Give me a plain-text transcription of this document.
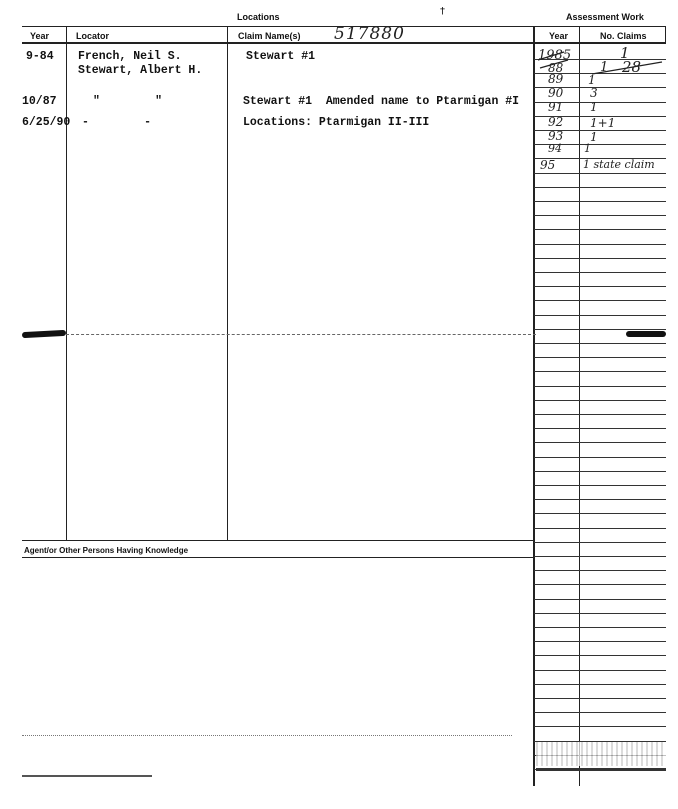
Locations	Assessment Work
†
Year	Locator	Claim Name(s) 517880	Year	No. Claims
9-84 French, Neil S.	Stewart #1
Stewart, Albert H.
10/87	"        "	Stewart #1  Amended name to Ptarmigan #I
6/25/90 -        -	Locations: Ptarmigan II-III
Agent/or Other Persons Having Knowledge
1985	1
88	1 28
89 1
90 3
91 1
92 1+1
93 1
94 1
95	1 state claim
